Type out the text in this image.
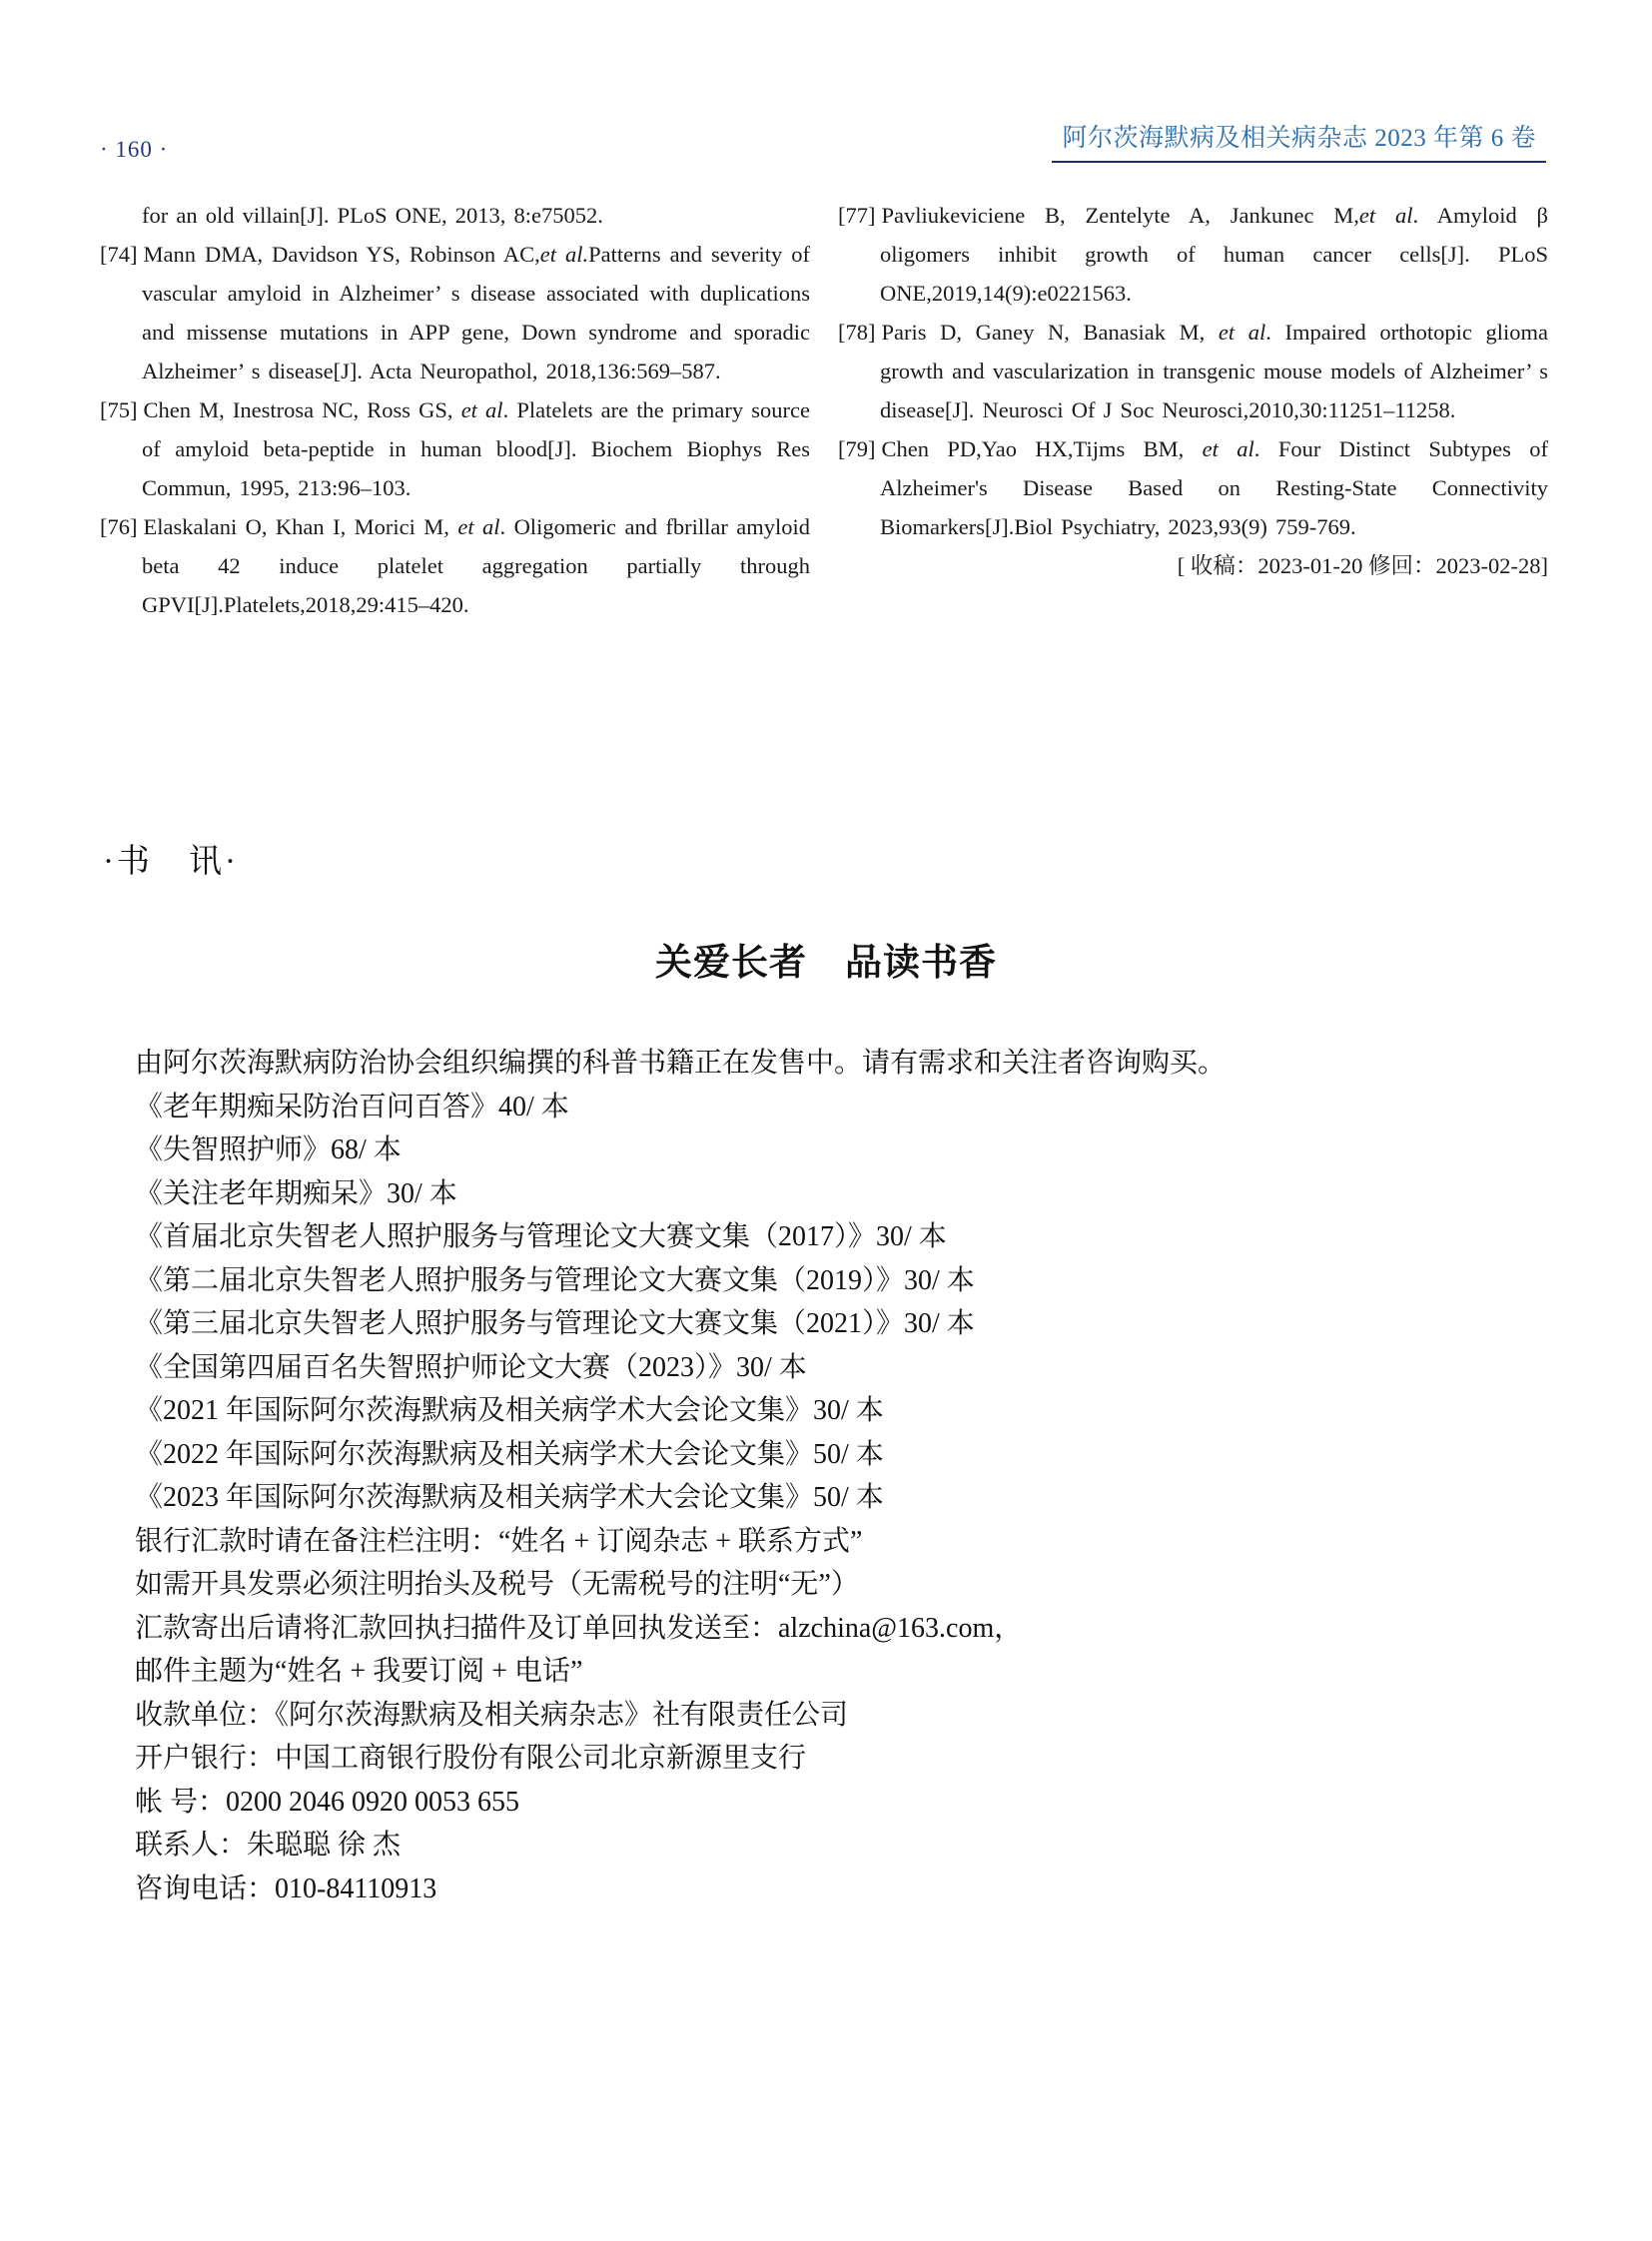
· 160 ·	阿尔茨海默病及相关病杂志 2023 年第 6 卷
for an old villain[J]. PLoS ONE, 2013, 8:e75052.
[74] Mann DMA, Davidson YS, Robinson AC,et al.Patterns and severity of vascular amyloid in Alzheimer’ s disease associated with duplications and missense mutations in APP gene, Down syndrome and sporadic Alzheimer’ s disease[J]. Acta Neuropathol, 2018,136:569–587.
[75] Chen M, Inestrosa NC, Ross GS, et al. Platelets are the primary source of amyloid beta-peptide in human blood[J]. Biochem Biophys Res Commun, 1995, 213:96–103.
[76] Elaskalani O, Khan I, Morici M, et al. Oligomeric and fbrillar amyloid beta 42 induce platelet aggregation partially through GPVI[J].Platelets,2018,29:415–420.
[77] Pavliukeviciene B, Zentelyte A, Jankunec M,et al. Amyloid β oligomers inhibit growth of human cancer cells[J]. PLoS ONE,2019,14(9):e0221563.
[78] Paris D, Ganey N, Banasiak M, et al. Impaired orthotopic glioma growth and vascularization in transgenic mouse models of Alzheimer’ s disease[J]. Neurosci Of J Soc Neurosci,2010,30:11251–11258.
[79] Chen PD,Yao HX,Tijms BM, et al. Four Distinct Subtypes of Alzheimer's Disease Based on Resting-State Connectivity Biomarkers[J].Biol Psychiatry, 2023,93(9) 759-769.
[ 收稿：2023-01-20 修回：2023-02-28]
·书　讯·
关爱长者　品读书香
由阿尔茨海默病防治协会组织编撰的科普书籍正在发售中。请有需求和关注者咨询购买。
《老年期痴呆防治百问百答》40/ 本
《失智照护师》68/ 本
《关注老年期痴呆》30/ 本
《首届北京失智老人照护服务与管理论文大赛文集（2017）》30/ 本
《第二届北京失智老人照护服务与管理论文大赛文集（2019）》30/ 本
《第三届北京失智老人照护服务与管理论文大赛文集（2021）》30/ 本
《全国第四届百名失智照护师论文大赛（2023）》30/ 本
《2021 年国际阿尔茨海默病及相关病学术大会论文集》30/ 本
《2022 年国际阿尔茨海默病及相关病学术大会论文集》50/ 本
《2023 年国际阿尔茨海默病及相关病学术大会论文集》50/ 本
银行汇款时请在备注栏注明：“姓名 + 订阅杂志 + 联系方式”
如需开具发票必须注明抬头及税号（无需税号的注明“无”）
汇款寄出后请将汇款回执扫描件及订单回执发送至：alzchina@163.com，
邮件主题为“姓名 + 我要订阅 + 电话”
收款单位：《阿尔茨海默病及相关病杂志》社有限责任公司
开户银行：中国工商银行股份有限公司北京新源里支行
帐 号：0200 2046 0920 0053 655
联系人：朱聪聪 徐 杰
咨询电话：010-84110913
